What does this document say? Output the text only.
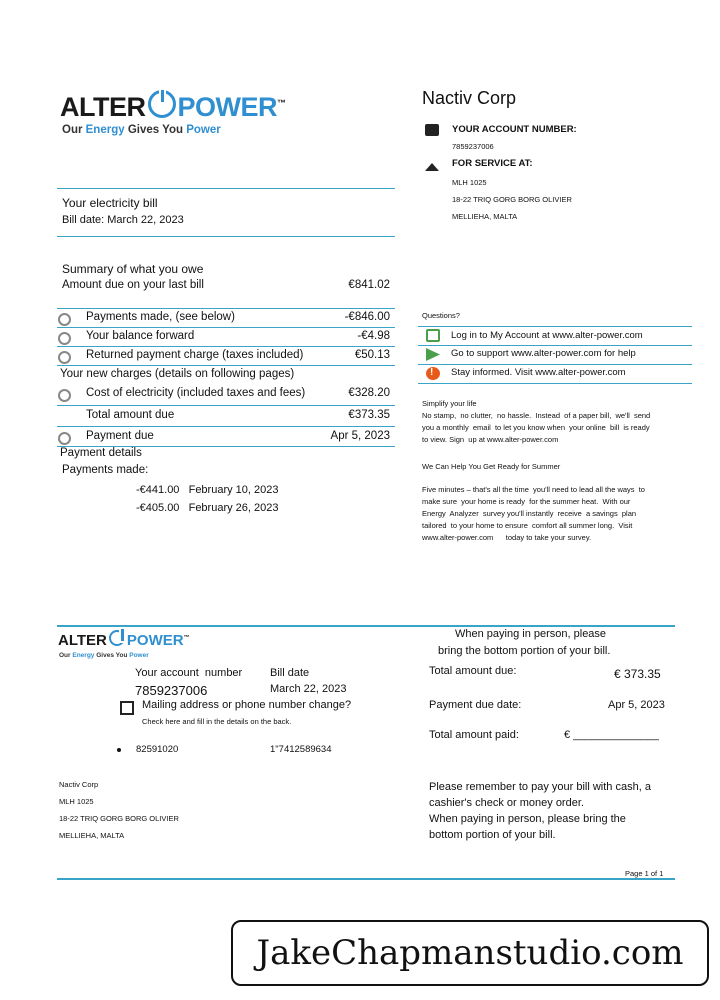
ALTER POWER™
Our Energy Gives You Power
Nactiv Corp
YOUR ACCOUNT NUMBER:
7859237006
FOR SERVICE AT:
MLH 1025
18-22 TRIQ GORG BORG OLIVIER
MELLIEHA, MALTA
Your electricity bill
Bill date: March 22, 2023
Summary of what you owe
Amount due on your last bill	€841.02
Payments made, (see below)	-€846.00
Your balance forward	-€4.98
Returned payment charge (taxes included)	€50.13
Your new charges (details on following pages)
Cost of electricity (included taxes and fees)	€328.20
Total amount due	€373.35
Payment due	Apr 5, 2023
Payment details
Payments made:
-€441.00   February 10, 2023
-€405.00   February 26, 2023
Questions?
Log in to My Account at www.alter-power.com
Go to support www.alter-power.com for help
!
Stay informed. Visit www.alter-power.com
Simplify your life
No stamp,  no clutter,  no hassle.  Instead  of a paper bill,  we'll  send
you a monthly  email  to let you know when  your online  bill  is ready
to view. Sign  up at www.alter-power.com
We Can Help You Get Ready for Summer
Five minutes – that's all the time  you'll need to lead all the ways  to
make sure  your home is ready  for the summer heat.  With our
Energy  Analyzer  survey you'll instantly  receive  a savings  plan
tailored  to your home to ensure  comfort all summer long.  Visit
www.alter-power.com      today to take your survey.
ALTER POWER™
Our Energy Gives You Power
When paying in person, please
bring the bottom portion of your bill.
Your account  number
7859237006
Bill date
March 22, 2023
Mailing address or phone number change?
Check here and fill in the details on the back.
82591020	1"7412589634
Total amount due:	€ 373.35
Payment due date:	Apr 5, 2023
Total amount paid:	€ ______________
Nactiv Corp
MLH 1025
18-22 TRIQ GORG BORG OLIVIER
MELLIEHA, MALTA
Please remember to pay your bill with cash, a
cashier's check or money order.
When paying in person, please bring the
bottom portion of your bill.
Page 1 of 1
JakeChapmanstudio.com
